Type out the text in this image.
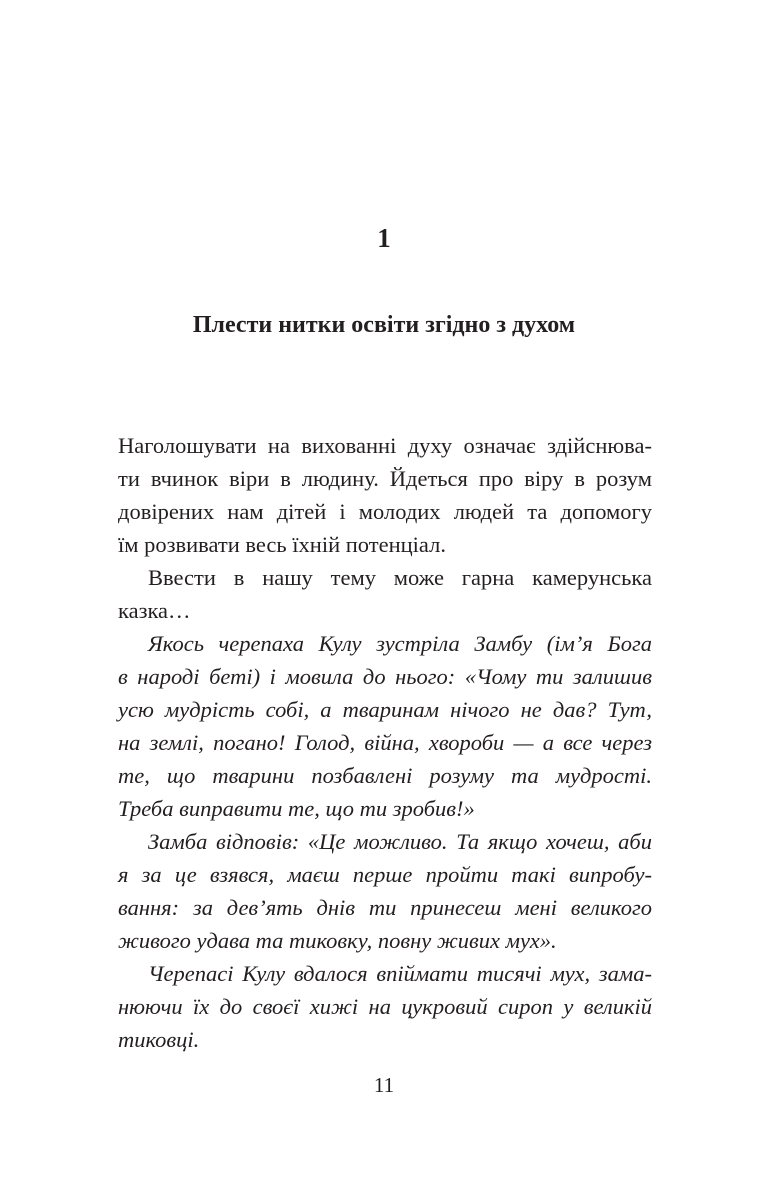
1
Плести нитки освіти згідно з духом
Наголошувати на вихованні духу означає здійснюва-
ти вчинок віри в людину. Йдеться про віру в розум
довірених нам дітей і молодих людей та допомогу
їм розвивати весь їхній потенціал.
Ввести в нашу тему може гарна камерунська
казка…
Якось черепаха Кулу зустріла Замбу (ім’я Бога
в народі беті) і мовила до нього: «Чому ти залишив
усю мудрість собі, а тваринам нічого не дав? Тут,
на землі, погано! Голод, війна, хвороби — а все через
те, що тварини позбавлені розуму та мудрості.
Треба виправити те, що ти зробив!»
Замба відповів: «Це можливо. Та якщо хочеш, аби
я за це взявся, маєш перше пройти такі випробу-
вання: за дев’ять днів ти принесеш мені великого
живого удава та тиковку, повну живих мух».
Черепасі Кулу вдалося впіймати тисячі мух, зама-
нюючи їх до своєї хижі на цукровий сироп у великій
тиковці.
11
